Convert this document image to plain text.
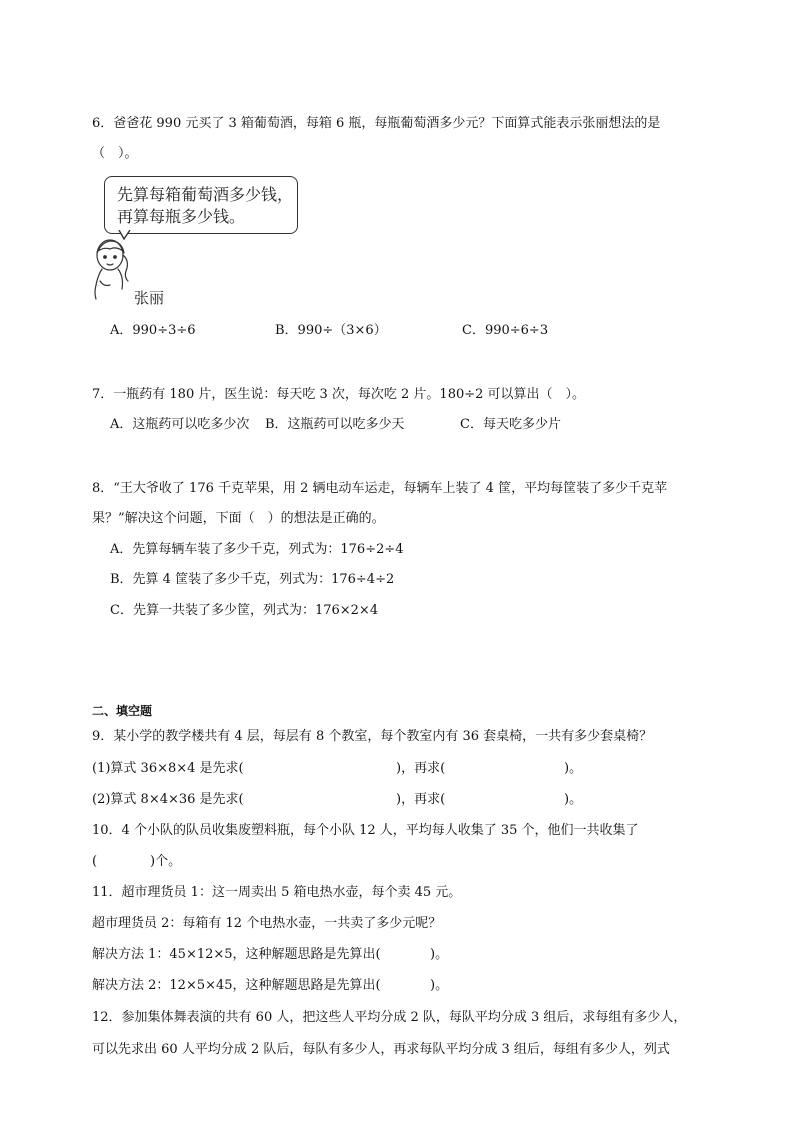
6．爸爸花 990 元买了 3 箱葡萄酒，每箱 6 瓶，每瓶葡萄酒多少元？下面算式能表示张丽想法的是
（　）。
先算每箱葡萄酒多少钱，
再算每瓶多少钱。
张丽
A．990÷3÷6	B．990÷（3×6）	C．990÷6÷3
7．一瓶药有 180 片，医生说：每天吃 3 次，每次吃 2 片。180÷2 可以算出（　）。
A．这瓶药可以吃多少次 B．这瓶药可以吃多少天	C．每天吃多少片
8．“王大爷收了 176 千克苹果，用 2 辆电动车运走，每辆车上装了 4 筐，平均每筐装了多少千克苹
果？”解决这个问题，下面（　）的想法是正确的。
A．先算每辆车装了多少千克，列式为：176÷2÷4
B．先算 4 筐装了多少千克，列式为：176÷4÷2
C．先算一共装了多少筐，列式为：176×2×4
二、填空题
9．某小学的教学楼共有 4 层，每层有 8 个教室，每个教室内有 36 套桌椅，一共有多少套桌椅？
(1)算式 36×8×4 是先求(	)，再求(	)。
(2)算式 8×4×36 是先求(	)，再求(	)。
10．4 个小队的队员收集废塑料瓶，每个小队 12 人，平均每人收集了 35 个，他们一共收集了
(	)个。
11．超市理货员 1：这一周卖出 5 箱电热水壶，每个卖 45 元。
超市理货员 2：每箱有 12 个电热水壶，一共卖了多少元呢？
解决方法 1：45×12×5，这种解题思路是先算出(	)。
解决方法 2：12×5×45，这种解题思路是先算出(	)。
12．参加集体舞表演的共有 60 人，把这些人平均分成 2 队，每队平均分成 3 组后，求每组有多少人，
可以先求出 60 人平均分成 2 队后，每队有多少人，再求每队平均分成 3 组后，每组有多少人，列式
